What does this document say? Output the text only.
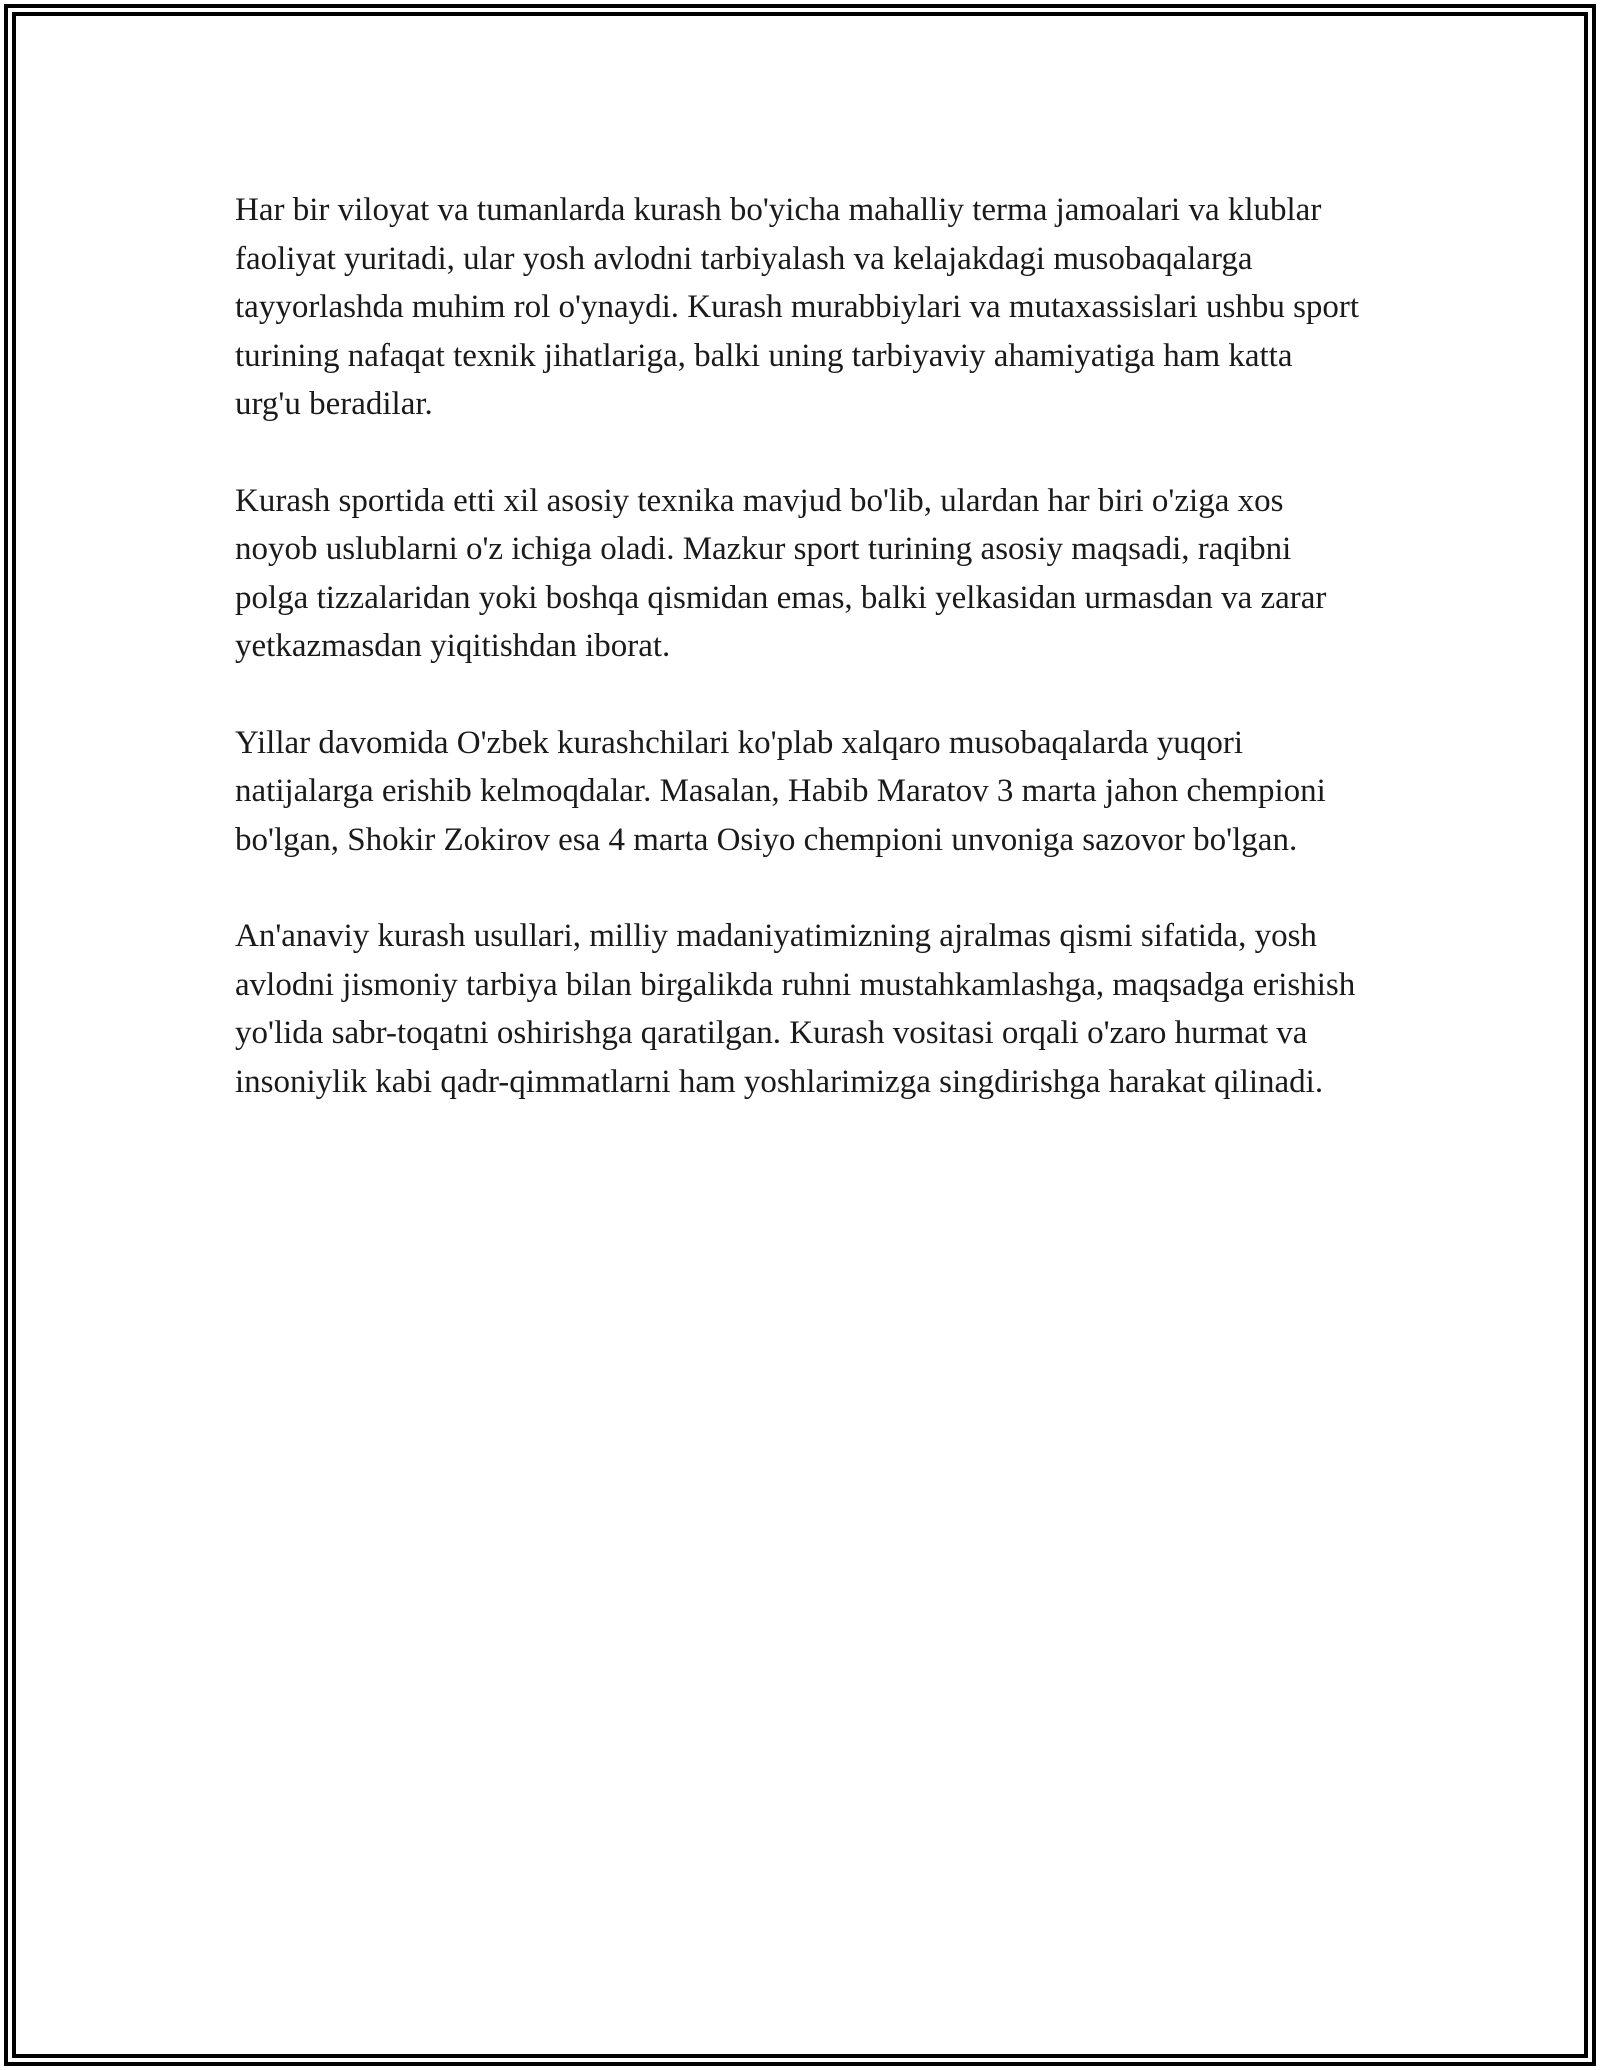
Har bir viloyat va tumanlarda kurash bo'yicha mahalliy terma jamoalari va klublar faoliyat yuritadi, ular yosh avlodni tarbiyalash va kelajakdagi musobaqalarga tayyorlashda muhim rol o'ynaydi. Kurash murabbiylari va mutaxassislari ushbu sport turining nafaqat texnik jihatlariga, balki uning tarbiyaviy ahamiyatiga ham katta urg'u beradilar.

Kurash sportida etti xil asosiy texnika mavjud bo'lib, ulardan har biri o'ziga xos noyob uslublarni o'z ichiga oladi. Mazkur sport turining asosiy maqsadi, raqibni polga tizzalaridan yoki boshqa qismidan emas, balki yelkasidan urmasdan va zarar yetkazmasdan yiqitishdan iborat.

Yillar davomida O'zbek kurashchilari ko'plab xalqaro musobaqalarda yuqori natijalarga erishib kelmoqdalar. Masalan, Habib Maratov 3 marta jahon chempioni bo'lgan, Shokir Zokirov esa 4 marta Osiyo chempioni unvoniga sazovor bo'lgan.

An'anaviy kurash usullari, milliy madaniyatimizning ajralmas qismi sifatida, yosh avlodni jismoniy tarbiya bilan birgalikda ruhni mustahkamlashga, maqsadga erishish yo'lida sabr-toqatni oshirishga qaratilgan. Kurash vositasi orqali o'zaro hurmat va insoniylik kabi qadr-qimmatlarni ham yoshlarimizga singdirishga harakat qilinadi.
